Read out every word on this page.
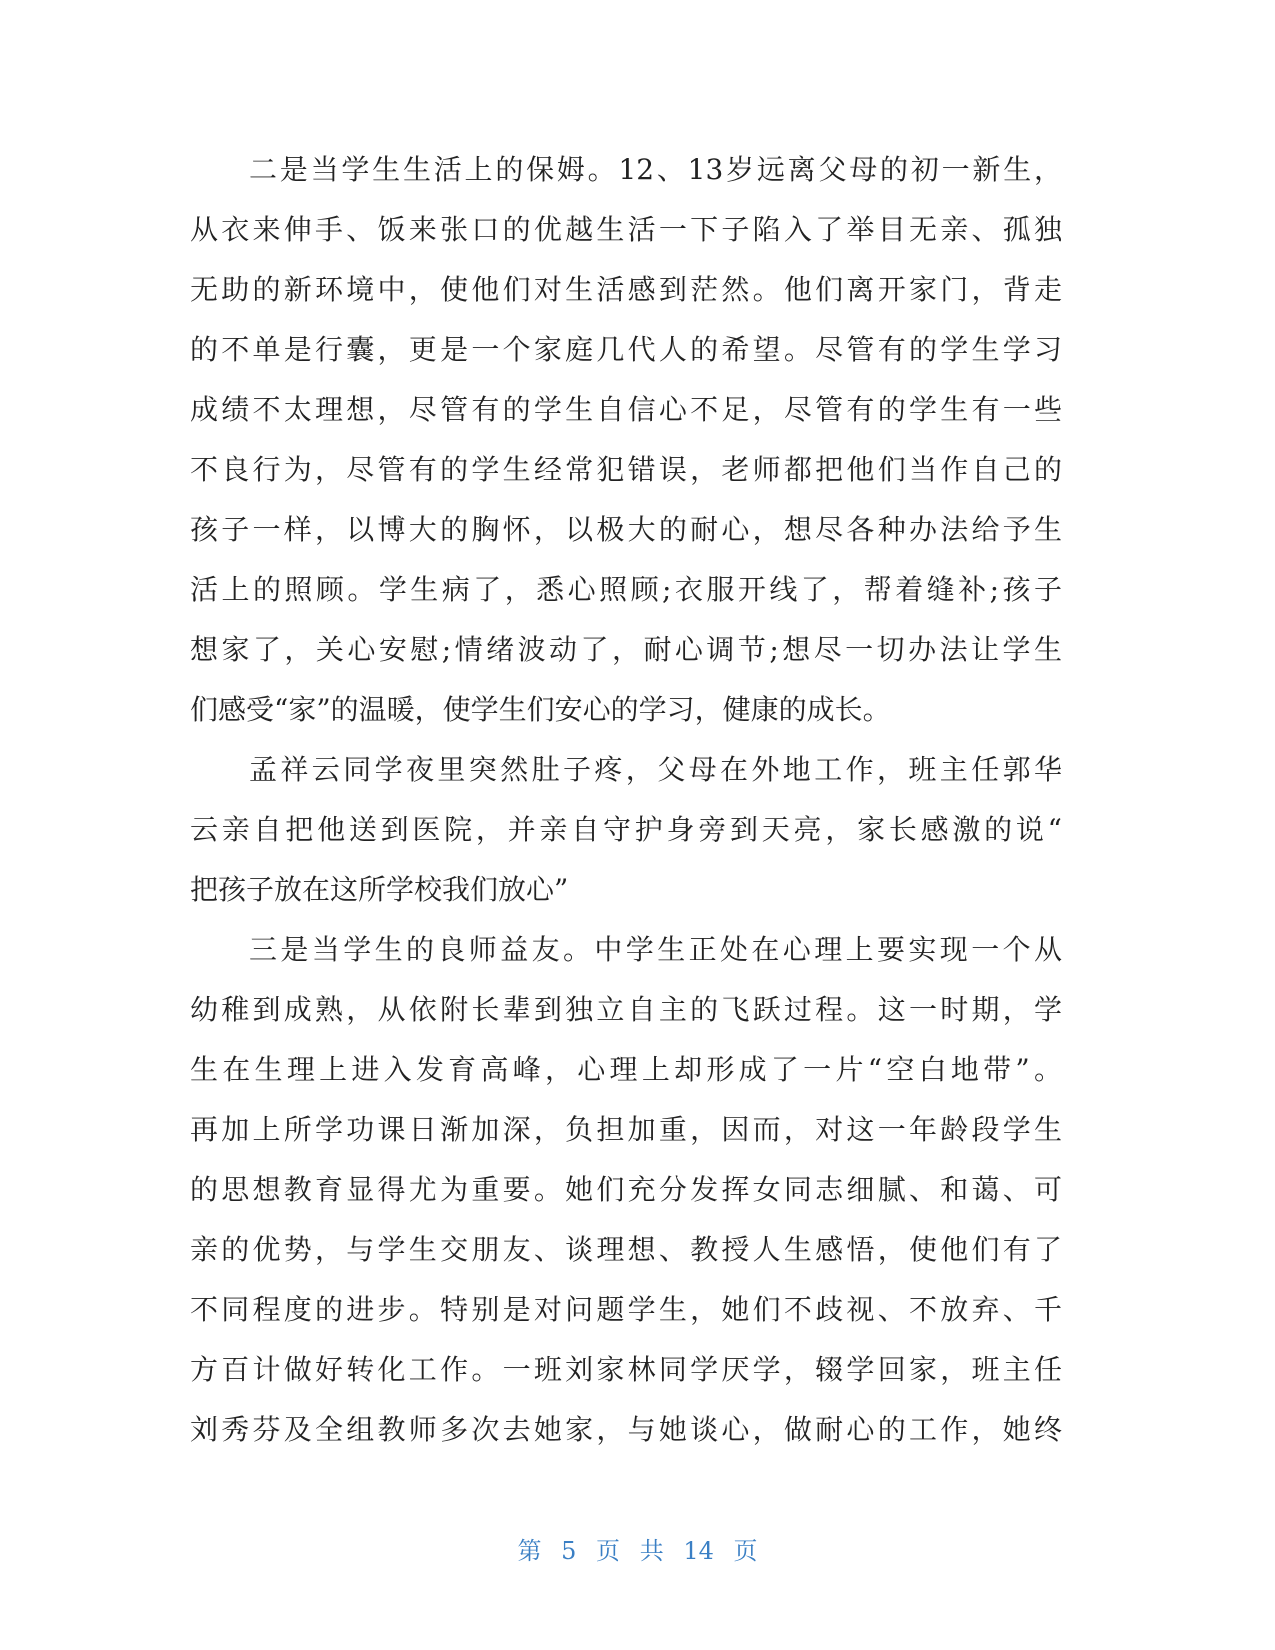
二是当学生生活上的保姆。12、13岁远离父母的初一新生，
从衣来伸手、饭来张口的优越生活一下子陷入了举目无亲、孤独
无助的新环境中，使他们对生活感到茫然。他们离开家门，背走
的不单是行囊，更是一个家庭几代人的希望。尽管有的学生学习
成绩不太理想，尽管有的学生自信心不足，尽管有的学生有一些
不良行为，尽管有的学生经常犯错误，老师都把他们当作自己的
孩子一样，以博大的胸怀，以极大的耐心，想尽各种办法给予生
活上的照顾。学生病了，悉心照顾;衣服开线了，帮着缝补;孩子
想家了，关心安慰;情绪波动了，耐心调节;想尽一切办法让学生
们感受“家”的温暖，使学生们安心的学习，健康的成长。
孟祥云同学夜里突然肚子疼，父母在外地工作，班主任郭华
云亲自把他送到医院，并亲自守护身旁到天亮，家长感激的说“
把孩子放在这所学校我们放心”
三是当学生的良师益友。中学生正处在心理上要实现一个从
幼稚到成熟，从依附长辈到独立自主的飞跃过程。这一时期，学
生在生理上进入发育高峰，心理上却形成了一片“空白地带”。
再加上所学功课日渐加深，负担加重，因而，对这一年龄段学生
的思想教育显得尤为重要。她们充分发挥女同志细腻、和蔼、可
亲的优势，与学生交朋友、谈理想、教授人生感悟，使他们有了
不同程度的进步。特别是对问题学生，她们不歧视、不放弃、千
方百计做好转化工作。一班刘家林同学厌学，辍学回家，班主任
刘秀芬及全组教师多次去她家，与她谈心，做耐心的工作，她终
第 5 页 共 14 页
